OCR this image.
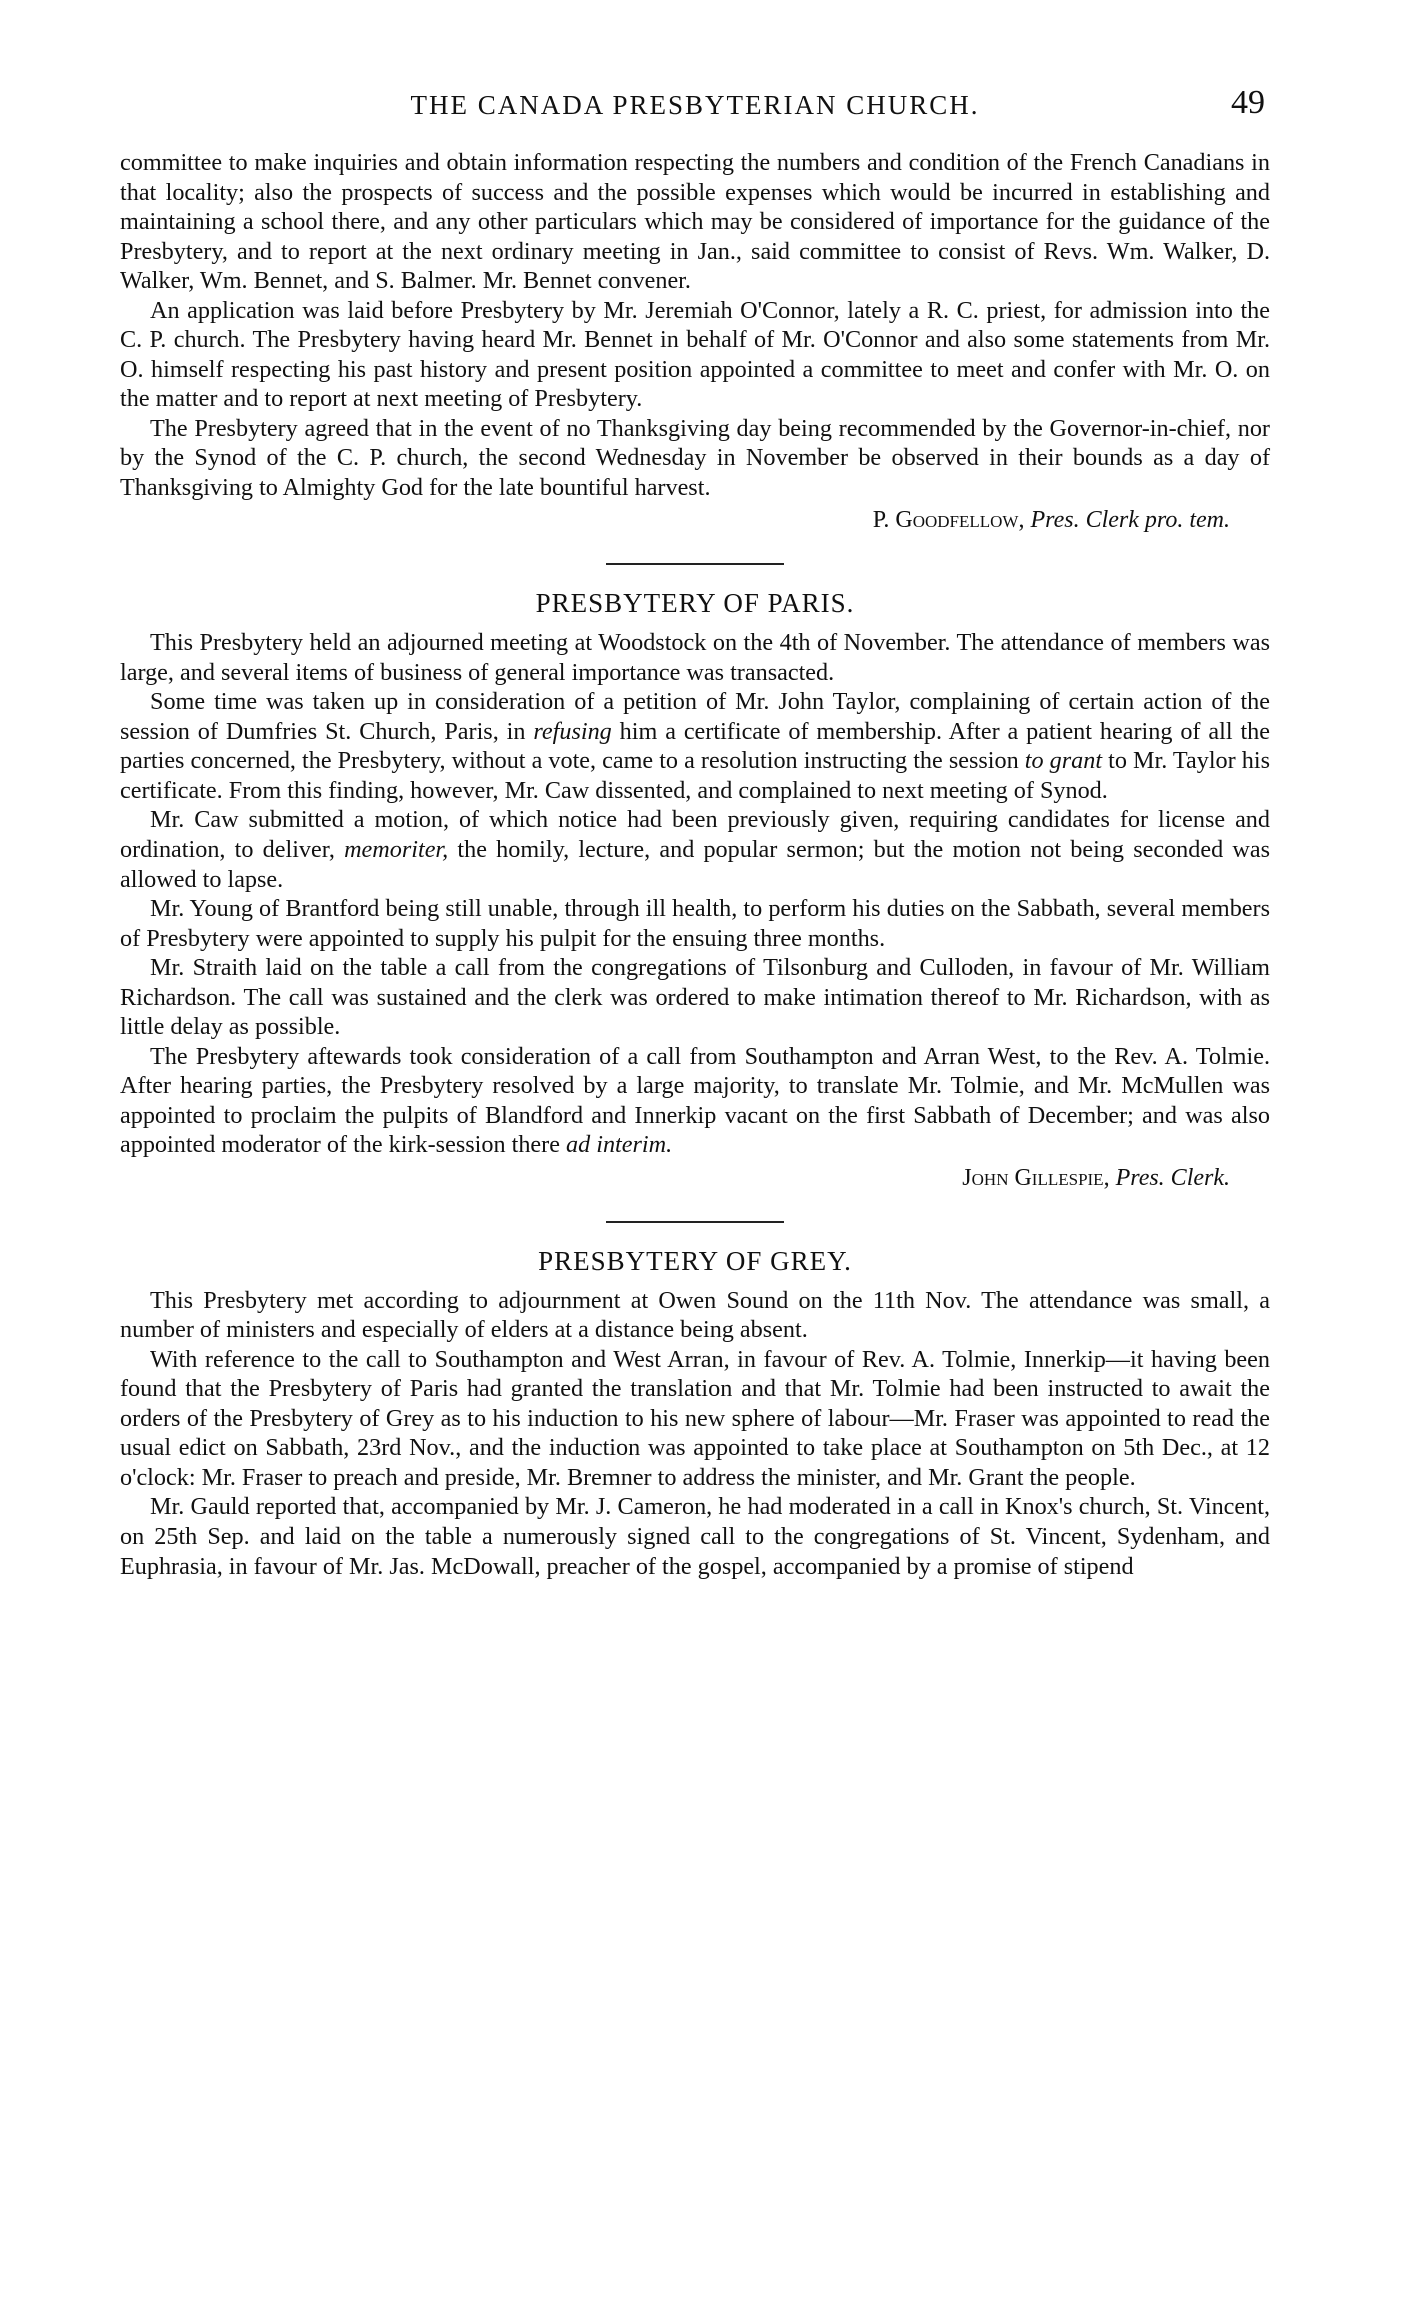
THE CANADA PRESBYTERIAN CHURCH.	49

committee to make inquiries and obtain information respecting the numbers and condition of the French Canadians in that locality; also the prospects of success and the possible expenses which would be incurred in establishing and maintaining a school there, and any other particulars which may be considered of importance for the guidance of the Presbytery, and to report at the next ordinary meeting in Jan., said committee to consist of Revs. Wm. Walker, D. Walker, Wm. Bennet, and S. Balmer. Mr. Bennet convener.

An application was laid before Presbytery by Mr. Jeremiah O'Connor, lately a R. C. priest, for admission into the C. P. church. The Presbytery having heard Mr. Bennet in behalf of Mr. O'Connor and also some statements from Mr. O. himself respecting his past history and present position appointed a committee to meet and confer with Mr. O. on the matter and to report at next meeting of Presbytery.

The Presbytery agreed that in the event of no Thanksgiving day being recommended by the Governor-in-chief, nor by the Synod of the C. P. church, the second Wednesday in November be observed in their bounds as a day of Thanksgiving to Almighty God for the late bountiful harvest.

P. Goodfellow, Pres. Clerk pro. tem.
PRESBYTERY OF PARIS.

This Presbytery held an adjourned meeting at Woodstock on the 4th of November. The attendance of members was large, and several items of business of general importance was transacted.

Some time was taken up in consideration of a petition of Mr. John Taylor, complaining of certain action of the session of Dumfries St. Church, Paris, in refusing him a certificate of membership. After a patient hearing of all the parties concerned, the Presbytery, without a vote, came to a resolution instructing the session to grant to Mr. Taylor his certificate. From this finding, however, Mr. Caw dissented, and complained to next meeting of Synod.

Mr. Caw submitted a motion, of which notice had been previously given, requiring candidates for license and ordination, to deliver, memoriter, the homily, lecture, and popular sermon; but the motion not being seconded was allowed to lapse.

Mr. Young of Brantford being still unable, through ill health, to perform his duties on the Sabbath, several members of Presbytery were appointed to supply his pulpit for the ensuing three months.

Mr. Straith laid on the table a call from the congregations of Tilsonburg and Culloden, in favour of Mr. William Richardson. The call was sustained and the clerk was ordered to make intimation thereof to Mr. Richardson, with as little delay as possible.

The Presbytery aftewards took consideration of a call from Southampton and Arran West, to the Rev. A. Tolmie. After hearing parties, the Presbytery resolved by a large majority, to translate Mr. Tolmie, and Mr. McMullen was appointed to proclaim the pulpits of Blandford and Innerkip vacant on the first Sabbath of December; and was also appointed moderator of the kirk-session there ad interim.

John Gillespie, Pres. Clerk.
PRESBYTERY OF GREY.

This Presbytery met according to adjournment at Owen Sound on the 11th Nov. The attendance was small, a number of ministers and especially of elders at a distance being absent.

With reference to the call to Southampton and West Arran, in favour of Rev. A. Tolmie, Innerkip—it having been found that the Presbytery of Paris had granted the translation and that Mr. Tolmie had been instructed to await the orders of the Presbytery of Grey as to his induction to his new sphere of labour—Mr. Fraser was appointed to read the usual edict on Sabbath, 23rd Nov., and the induction was appointed to take place at Southampton on 5th Dec., at 12 o'clock: Mr. Fraser to preach and preside, Mr. Bremner to address the minister, and Mr. Grant the people.

Mr. Gauld reported that, accompanied by Mr. J. Cameron, he had moderated in a call in Knox's church, St. Vincent, on 25th Sep. and laid on the table a numerously signed call to the congregations of St. Vincent, Sydenham, and Euphrasia, in favour of Mr. Jas. McDowall, preacher of the gospel, accompanied by a promise of stipend
